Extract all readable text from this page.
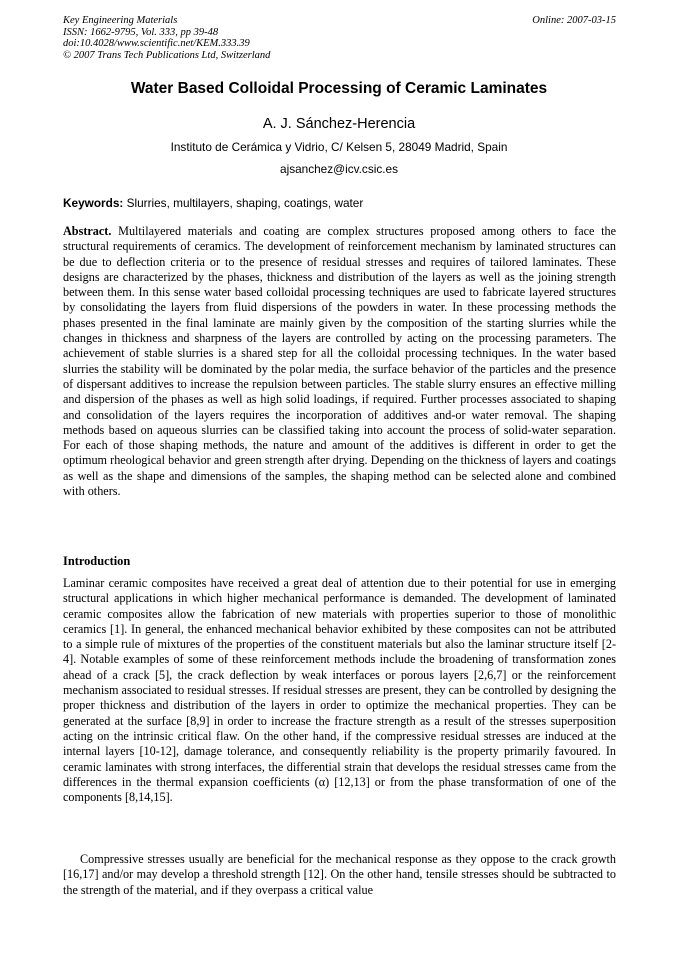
Key Engineering Materials
ISSN: 1662-9795, Vol. 333, pp 39-48
doi:10.4028/www.scientific.net/KEM.333.39
© 2007 Trans Tech Publications Ltd, Switzerland
Online: 2007-03-15
Water Based Colloidal Processing of Ceramic Laminates
A. J. Sánchez-Herencia
Instituto de Cerámica y Vidrio, C/ Kelsen 5, 28049 Madrid, Spain
ajsanchez@icv.csic.es
Keywords: Slurries, multilayers, shaping, coatings, water
Abstract. Multilayered materials and coating are complex structures proposed among others to face the structural requirements of ceramics. The development of reinforcement mechanism by laminated structures can be due to deflection criteria or to the presence of residual stresses and requires of tailored laminates. These designs are characterized by the phases, thickness and distribution of the layers as well as the joining strength between them. In this sense water based colloidal processing techniques are used to fabricate layered structures by consolidating the layers from fluid dispersions of the powders in water. In these processing methods the phases presented in the final laminate are mainly given by the composition of the starting slurries while the changes in thickness and sharpness of the layers are controlled by acting on the processing parameters. The achievement of stable slurries is a shared step for all the colloidal processing techniques. In the water based slurries the stability will be dominated by the polar media, the surface behavior of the particles and the presence of dispersant additives to increase the repulsion between particles. The stable slurry ensures an effective milling and dispersion of the phases as well as high solid loadings, if required. Further processes associated to shaping and consolidation of the layers requires the incorporation of additives and-or water removal. The shaping methods based on aqueous slurries can be classified taking into account the process of solid-water separation. For each of those shaping methods, the nature and amount of the additives is different in order to get the optimum rheological behavior and green strength after drying. Depending on the thickness of layers and coatings as well as the shape and dimensions of the samples, the shaping method can be selected alone and combined with others.
Introduction
Laminar ceramic composites have received a great deal of attention due to their potential for use in emerging structural applications in which higher mechanical performance is demanded. The development of laminated ceramic composites allow the fabrication of new materials with properties superior to those of monolithic ceramics [1]. In general, the enhanced mechanical behavior exhibited by these composites can not be attributed to a simple rule of mixtures of the properties of the constituent materials but also the laminar structure itself [2-4]. Notable examples of some of these reinforcement methods include the broadening of transformation zones ahead of a crack [5], the crack deflection by weak interfaces or porous layers [2,6,7] or the reinforcement mechanism associated to residual stresses. If residual stresses are present, they can be controlled by designing the proper thickness and distribution of the layers in order to optimize the mechanical properties. They can be generated at the surface [8,9] in order to increase the fracture strength as a result of the stresses superposition acting on the intrinsic critical flaw. On the other hand, if the compressive residual stresses are induced at the internal layers [10-12], damage tolerance, and consequently reliability is the property primarily favoured. In ceramic laminates with strong interfaces, the differential strain that develops the residual stresses came from the differences in the thermal expansion coefficients (α) [12,13] or from the phase transformation of one of the components [8,14,15].
Compressive stresses usually are beneficial for the mechanical response as they oppose to the crack growth [16,17] and/or may develop a threshold strength [12]. On the other hand, tensile stresses should be subtracted to the strength of the material, and if they overpass a critical value
